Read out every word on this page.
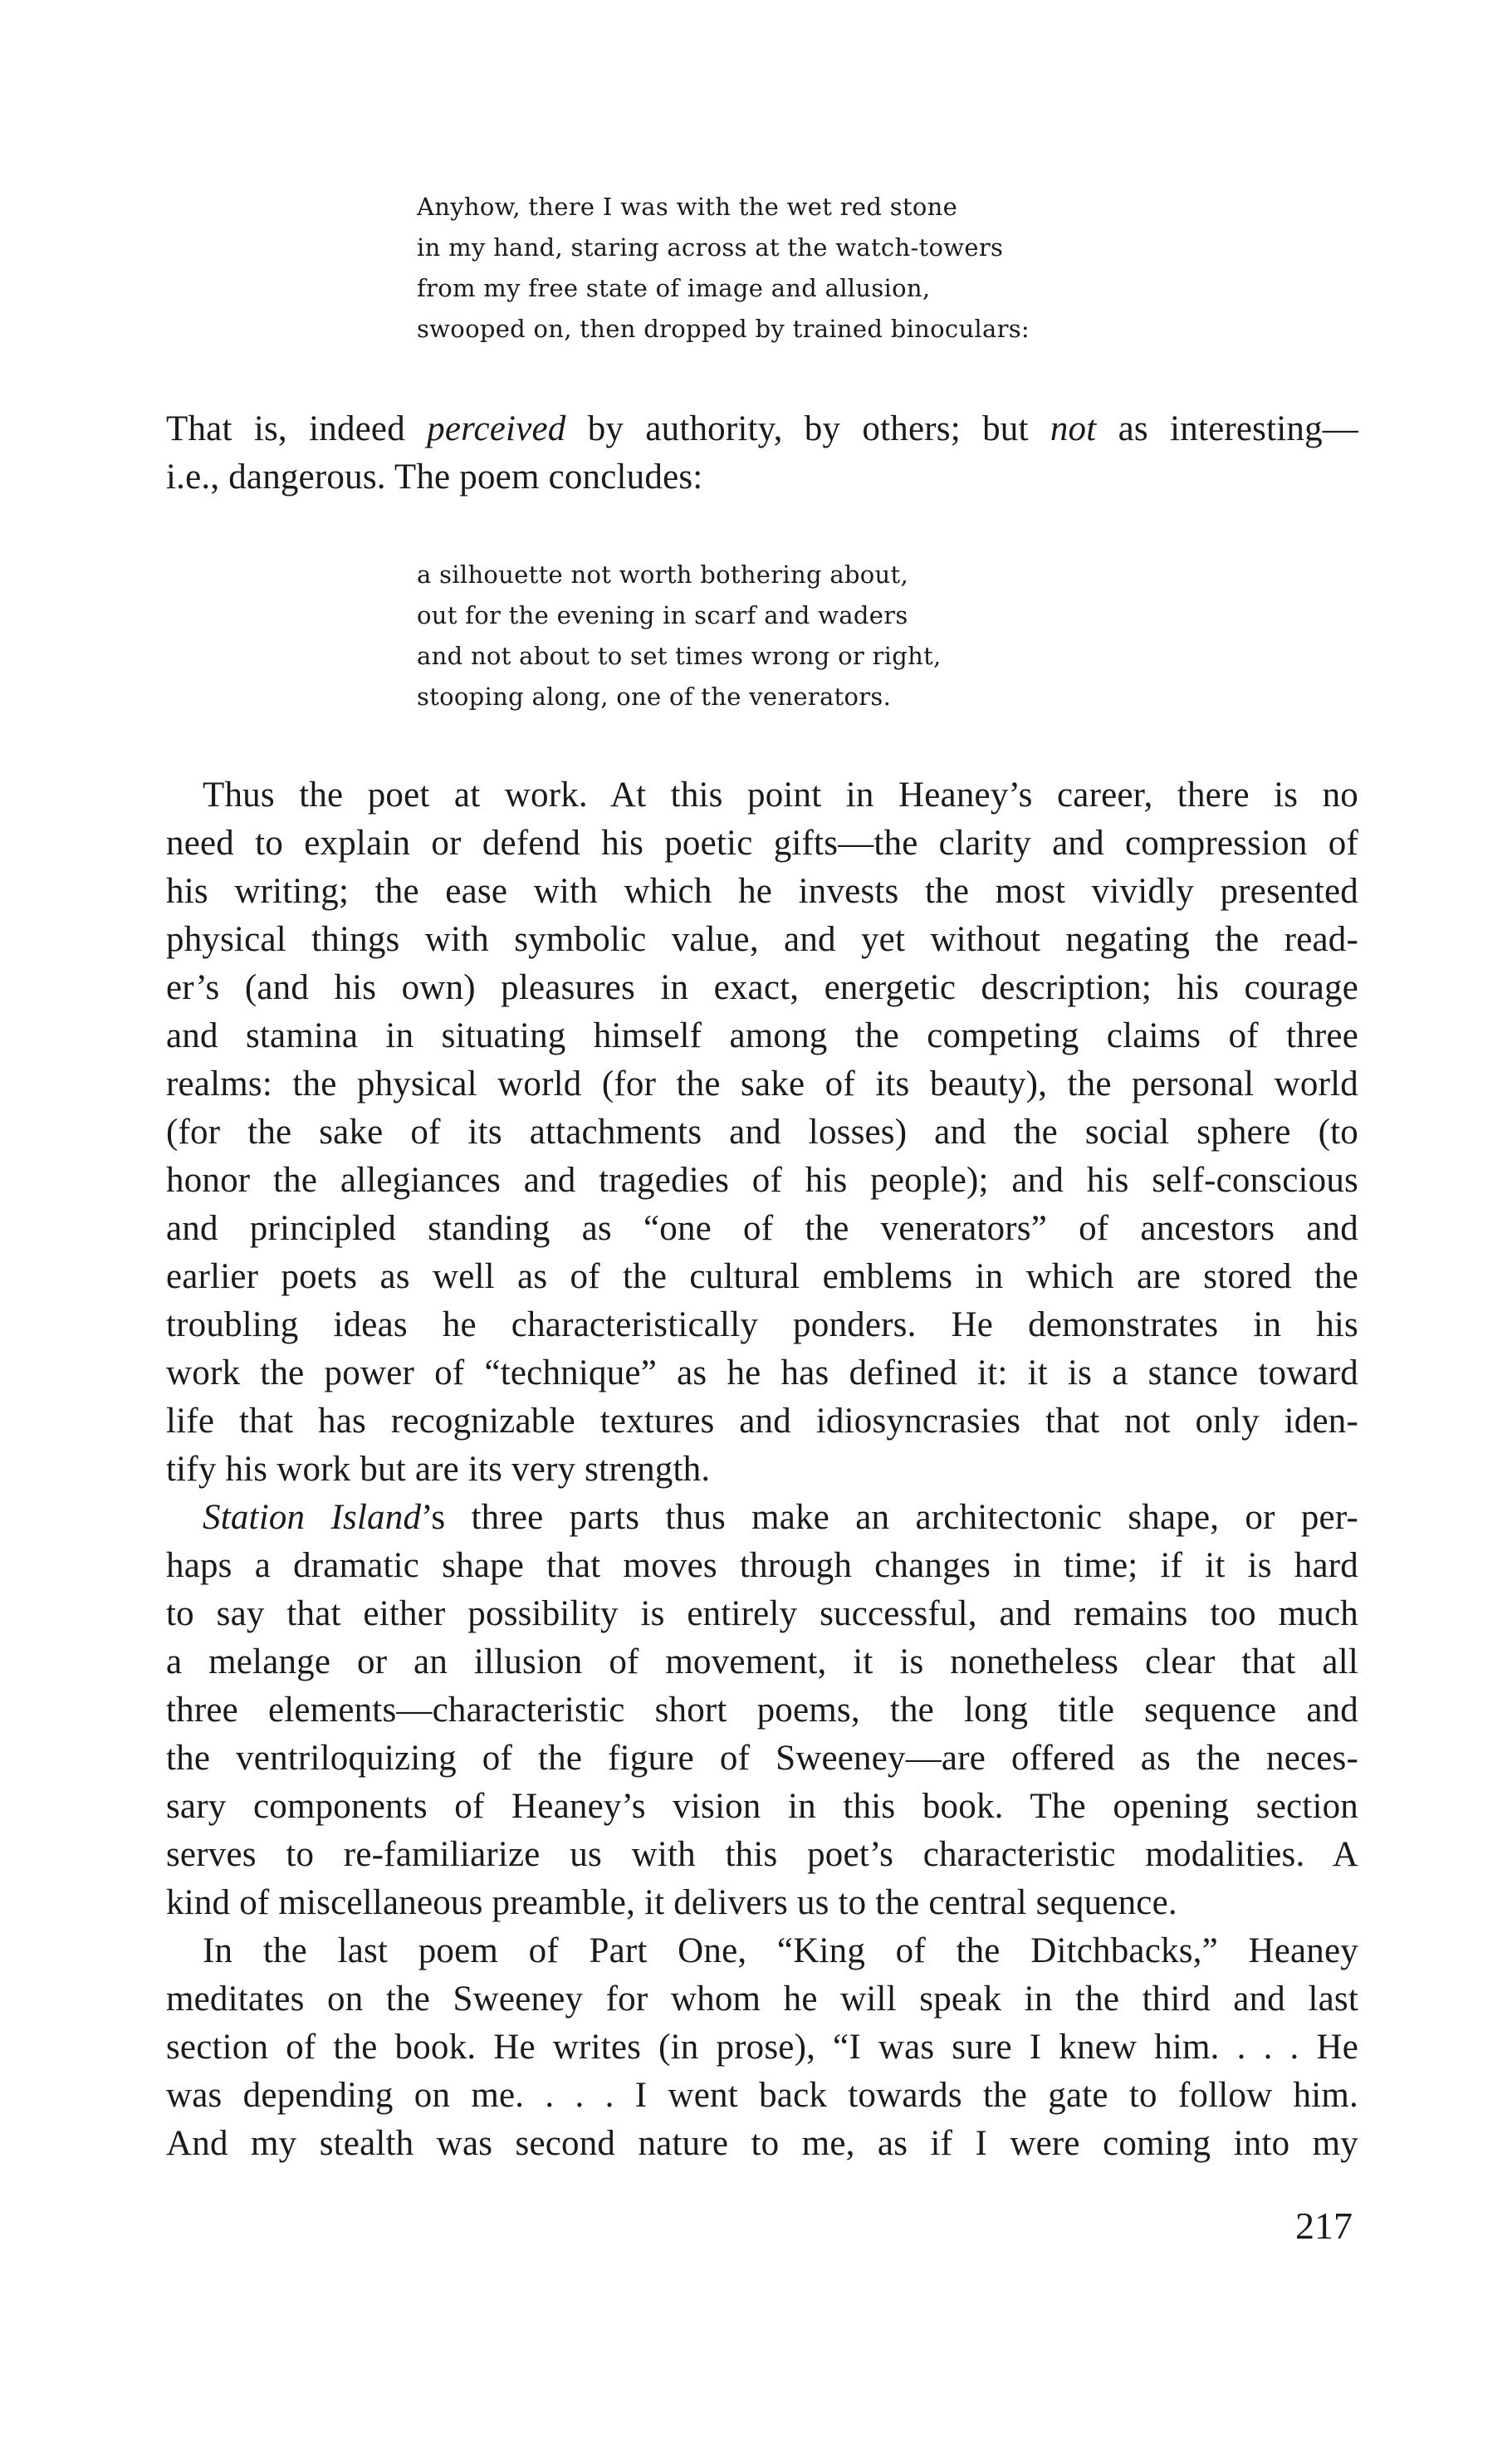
Anyhow, there I was with the wet red stone
in my hand, staring across at the watch-towers
from my free state of image and allusion,
swooped on, then dropped by trained binoculars:
That is, indeed perceived by authority, by others; but not as interesting—
i.e., dangerous. The poem concludes:
a silhouette not worth bothering about,
out for the evening in scarf and waders
and not about to set times wrong or right,
stooping along, one of the venerators.
Thus the poet at work. At this point in Heaney’s career, there is no
need to explain or defend his poetic gifts—the clarity and compression of
his writing; the ease with which he invests the most vividly presented
physical things with symbolic value, and yet without negating the read-
er’s (and his own) pleasures in exact, energetic description; his courage
and stamina in situating himself among the competing claims of three
realms: the physical world (for the sake of its beauty), the personal world
(for the sake of its attachments and losses) and the social sphere (to
honor the allegiances and tragedies of his people); and his self-conscious
and principled standing as “one of the venerators” of ancestors and
earlier poets as well as of the cultural emblems in which are stored the
troubling ideas he characteristically ponders. He demonstrates in his
work the power of “technique” as he has defined it: it is a stance toward
life that has recognizable textures and idiosyncrasies that not only iden-
tify his work but are its very strength.
Station Island’s three parts thus make an architectonic shape, or per-
haps a dramatic shape that moves through changes in time; if it is hard
to say that either possibility is entirely successful, and remains too much
a melange or an illusion of movement, it is nonetheless clear that all
three elements—characteristic short poems, the long title sequence and
the ventriloquizing of the figure of Sweeney—are offered as the neces-
sary components of Heaney’s vision in this book. The opening section
serves to re-familiarize us with this poet’s characteristic modalities. A
kind of miscellaneous preamble, it delivers us to the central sequence.
In the last poem of Part One, “King of the Ditchbacks,” Heaney
meditates on the Sweeney for whom he will speak in the third and last
section of the book. He writes (in prose), “I was sure I knew him. . . . He
was depending on me. . . . I went back towards the gate to follow him.
And my stealth was second nature to me, as if I were coming into my
217
